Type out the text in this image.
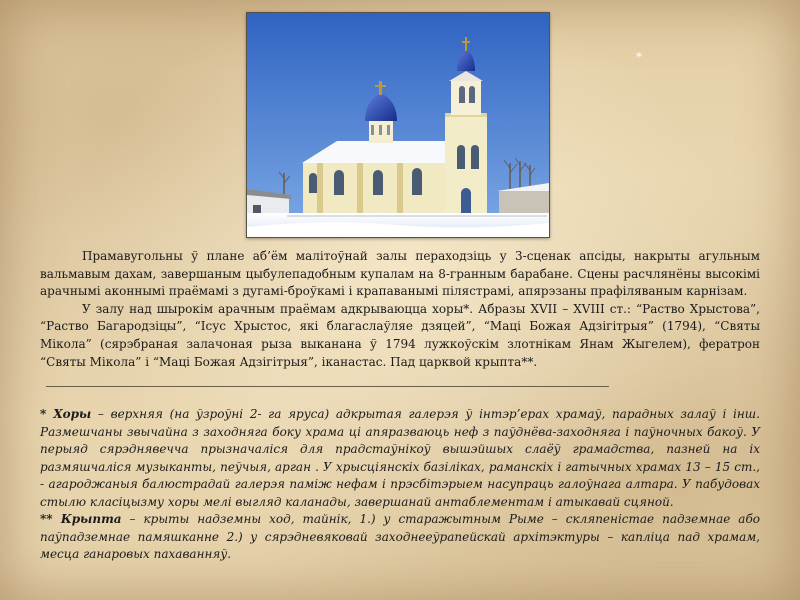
*

Прамавугольны ў плане аб’ём малітоўнай залы пераходзіць у 3-сценак апсіды, накрыты агульным вальмавым дахам, завершаным цыбулепадобным купалам на 8-гранным барабане. Сцены расчлянёны высокімі арачнымі аконнымі праёмамі з дугамі-броўкамі і крапаванымі пілястрамі, апярэзаны прафіляваным карнізам.

У залу над шырокім арачным праёмам адкрываюцца хоры*. Абразы XVII – XVIII ст.: “Раство Хрыстова”, “Раство Багародзіцы”, “Ісус Хрыстос, які благаслаўляе дзяцей”, “Маці Божая Адзігітрыя” (1794), “Святы Мікола” (сярэбраная залачоная рыза выканана ў 1794 лужкоўскім злотнікам Янам Жыгелем), фератрон “Святы Мікола” і “Маці Божая Адзігітрыя”, іканастас. Пад царквой крыпта**.

* Хоры – верхняя (на ўзроўні 2- га яруса) адкрытая галерэя ў інтэр’ерах храмаў, парадных залаў і інш. Размешчаны звычайна з заходняга боку храма ці апяразваюць неф з паўднёва-заходняга і паўночных бакоў. У перыяд сярэднявечча прызначаліся для прадстаўнікоў вышэйшых слаёў грамадства, пазней на іх размяшчаліся музыканты, пеўчыя, арган . У хрысціянскіх базіліках, раманскіх і гатычных храмах 13 – 15 ст., - агароджаныя балюстрадай галерэя паміж нефам і прэсбітэрыем насупраць галоўнага алтара. У пабудовах стылю класіцызму хоры мелі выгляд каланады, завершанай антаблементам і атыкавай сцяной.

** Крыпта – крыты надземны ход, тайнік, 1.) у старажытным Рыме – скляпеністае падземнае або паўпадземнае памяшканне 2.) у сярэдневяковай заходнееўрапейскай архітэктуры – капліца пад храмам, месца ганаровых пахаванняў.
